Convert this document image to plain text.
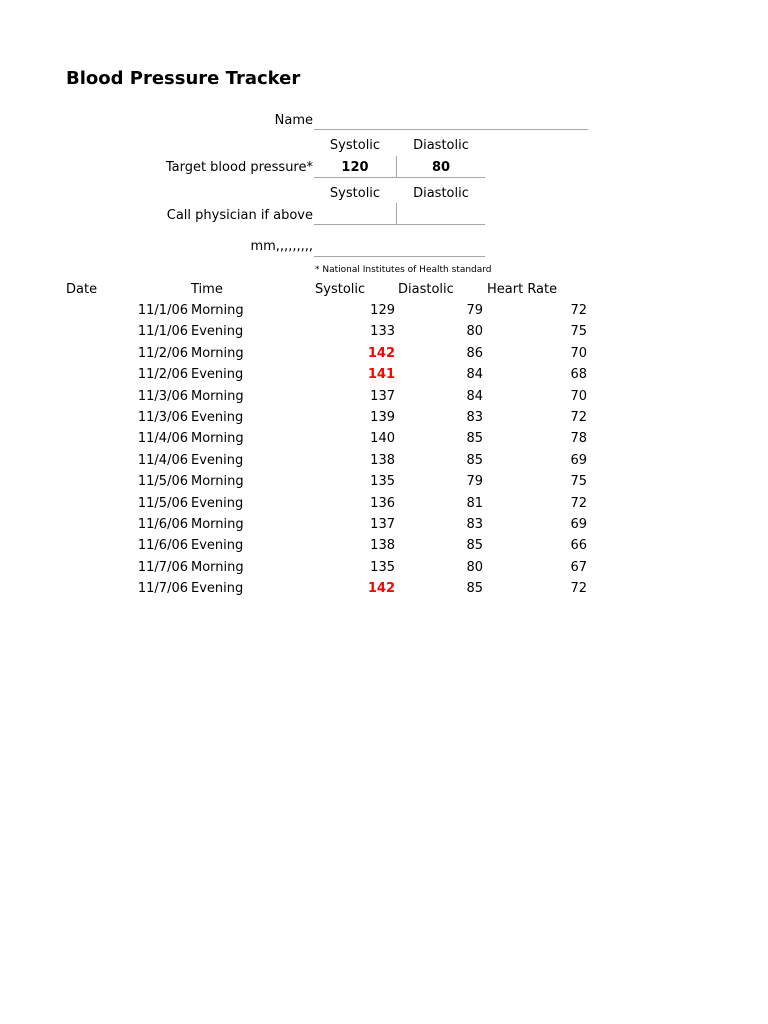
Blood Pressure Tracker
Name
Systolic	Diastolic
Target blood pressure*	120	80
Systolic	Diastolic
Call physician if above
mm,,,,,,,,,
* National Institutes of Health standard
Date	Time	Systolic	Diastolic	Heart Rate
11/1/06 Morning	129	79	72
11/1/06 Evening	133	80	75
11/2/06 Morning	142	86	70
11/2/06 Evening	141	84	68
11/3/06 Morning	137	84	70
11/3/06 Evening	139	83	72
11/4/06 Morning	140	85	78
11/4/06 Evening	138	85	69
11/5/06 Morning	135	79	75
11/5/06 Evening	136	81	72
11/6/06 Morning	137	83	69
11/6/06 Evening	138	85	66
11/7/06 Morning	135	80	67
11/7/06 Evening	142	85	72
